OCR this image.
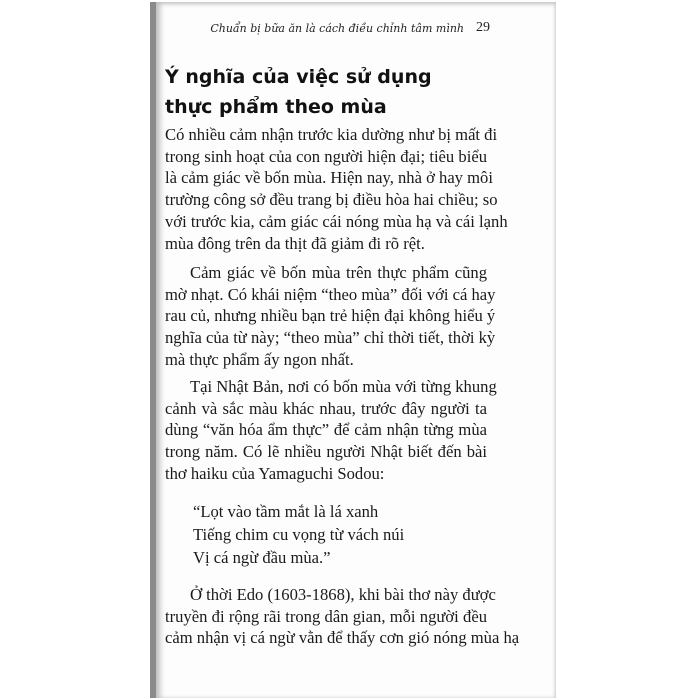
Chuẩn bị bữa ăn là cách điều chỉnh tâm mình 29
Ý nghĩa của việc sử dụng
thực phẩm theo mùa
Có nhiều cảm nhận trước kia dường như bị mất đi
trong sinh hoạt của con người hiện đại; tiêu biểu
là cảm giác về bốn mùa. Hiện nay, nhà ở hay môi
trường công sở đều trang bị điều hòa hai chiều; so
với trước kia, cảm giác cái nóng mùa hạ và cái lạnh
mùa đông trên da thịt đã giảm đi rõ rệt.
Cảm giác về bốn mùa trên thực phẩm cũng
mờ nhạt. Có khái niệm “theo mùa” đối với cá hay
rau củ, nhưng nhiều bạn trẻ hiện đại không hiểu ý
nghĩa của từ này; “theo mùa” chỉ thời tiết, thời kỳ
mà thực phẩm ấy ngon nhất.
Tại Nhật Bản, nơi có bốn mùa với từng khung
cảnh và sắc màu khác nhau, trước đây người ta
dùng “văn hóa ẩm thực” để cảm nhận từng mùa
trong năm. Có lẽ nhiều người Nhật biết đến bài
thơ haiku của Yamaguchi Sodou:
“Lọt vào tầm mắt là lá xanh
Tiếng chim cu vọng từ vách núi
Vị cá ngừ đầu mùa.”
Ở thời Edo (1603-1868), khi bài thơ này được
truyền đi rộng rãi trong dân gian, mỗi người đều
cảm nhận vị cá ngừ vằn để thấy cơn gió nóng mùa hạ
